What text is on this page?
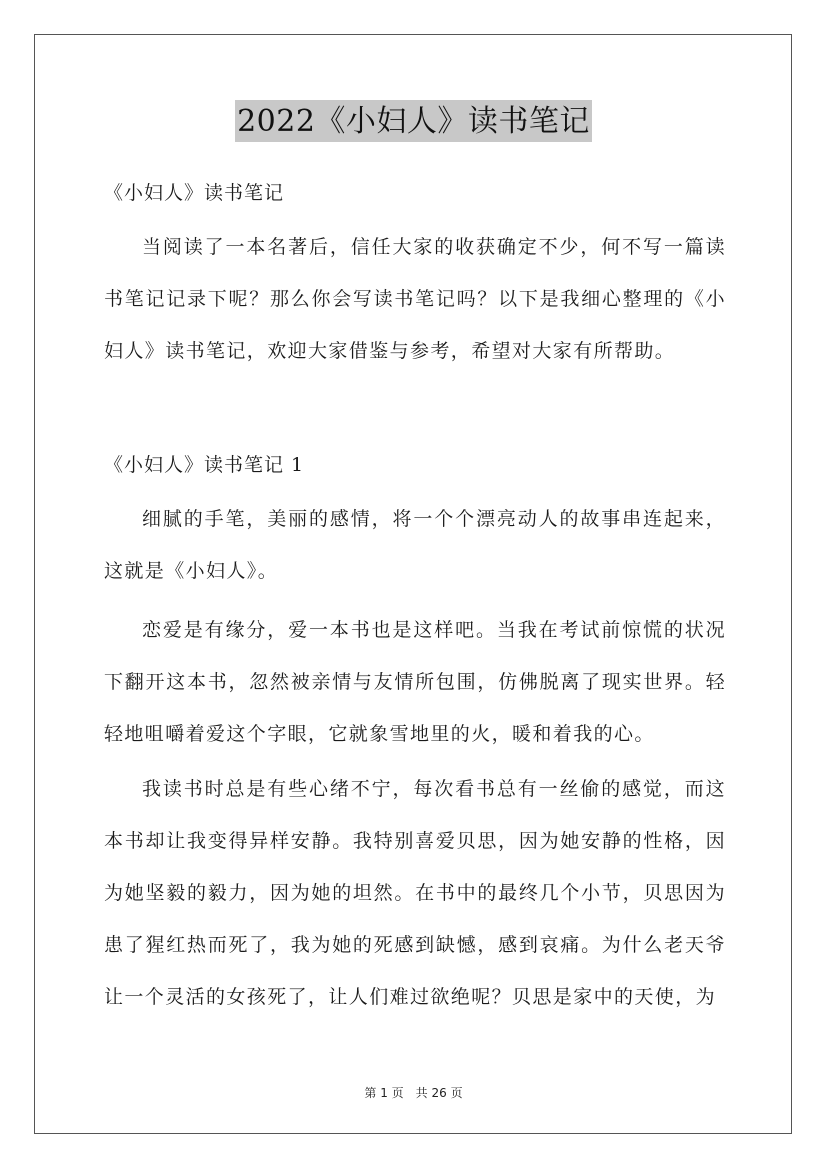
2022《小妇人》读书笔记
《小妇人》读书笔记

当阅读了一本名著后，信任大家的收获确定不少，何不写一篇读书笔记记录下呢？那么你会写读书笔记吗？以下是我细心整理的《小妇人》读书笔记，欢迎大家借鉴与参考，希望对大家有所帮助。

《小妇人》读书笔记 1

细腻的手笔，美丽的感情，将一个个漂亮动人的故事串连起来，这就是《小妇人》。

恋爱是有缘分，爱一本书也是这样吧。当我在考试前惊慌的状况下翻开这本书，忽然被亲情与友情所包围，仿佛脱离了现实世界。轻轻地咀嚼着爱这个字眼，它就象雪地里的火，暖和着我的心。

我读书时总是有些心绪不宁，每次看书总有一丝偷的感觉，而这本书却让我变得异样安静。我特别喜爱贝思，因为她安静的性格，因为她坚毅的毅力，因为她的坦然。在书中的最终几个小节，贝思因为患了猩红热而死了，我为她的死感到缺憾，感到哀痛。为什么老天爷让一个灵活的女孩死了，让人们难过欲绝呢？贝思是家中的天使，为

第 1 页　共 26 页
